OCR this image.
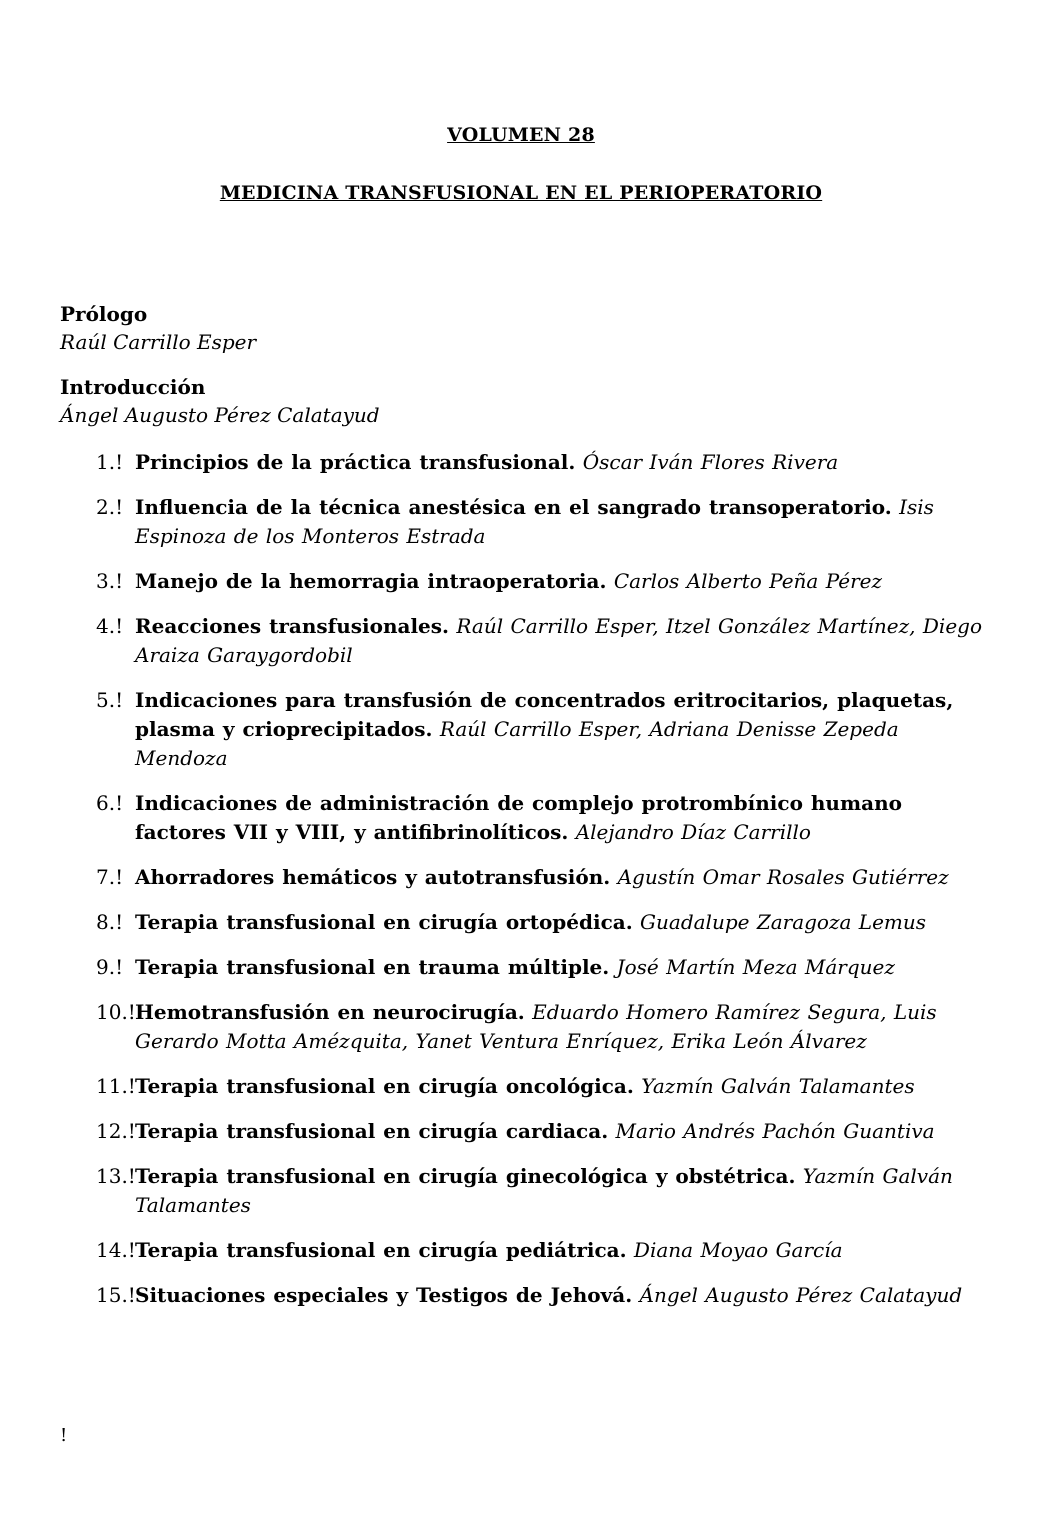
VOLUMEN 28
MEDICINA TRANSFUSIONAL EN EL PERIOPERATORIO
Prólogo
Raúl Carrillo Esper
Introducción
Ángel Augusto Pérez Calatayud
1.! Principios de la práctica transfusional. Óscar Iván Flores Rivera
2.! Influencia de la técnica anestésica en el sangrado transoperatorio. Isis Espinoza de los Monteros Estrada
3.! Manejo de la hemorragia intraoperatoria. Carlos Alberto Peña Pérez
4.! Reacciones transfusionales. Raúl Carrillo Esper, Itzel González Martínez, Diego Araiza Garaygordobil
5.! Indicaciones para transfusión de concentrados eritrocitarios, plaquetas, plasma y crioprecipitados. Raúl Carrillo Esper, Adriana Denisse Zepeda Mendoza
6.! Indicaciones de administración de complejo protrombínico humano factores VII y VIII, y antifibrinolíticos. Alejandro Díaz Carrillo
7.! Ahorradores hemáticos y autotransfusión. Agustín Omar Rosales Gutiérrez
8.! Terapia transfusional en cirugía ortopédica. Guadalupe Zaragoza Lemus
9.! Terapia transfusional en trauma múltiple. José Martín Meza Márquez
10.! Hemotransfusión en neurocirugía. Eduardo Homero Ramírez Segura, Luis Gerardo Motta Amézquita, Yanet Ventura Enríquez, Erika León Álvarez
11.! Terapia transfusional en cirugía oncológica. Yazmín Galván Talamantes
12.! Terapia transfusional en cirugía cardiaca. Mario Andrés Pachón Guantiva
13.! Terapia transfusional en cirugía ginecológica y obstétrica. Yazmín Galván Talamantes
14.! Terapia transfusional en cirugía pediátrica. Diana Moyao García
15.! Situaciones especiales y Testigos de Jehová. Ángel Augusto Pérez Calatayud
!
